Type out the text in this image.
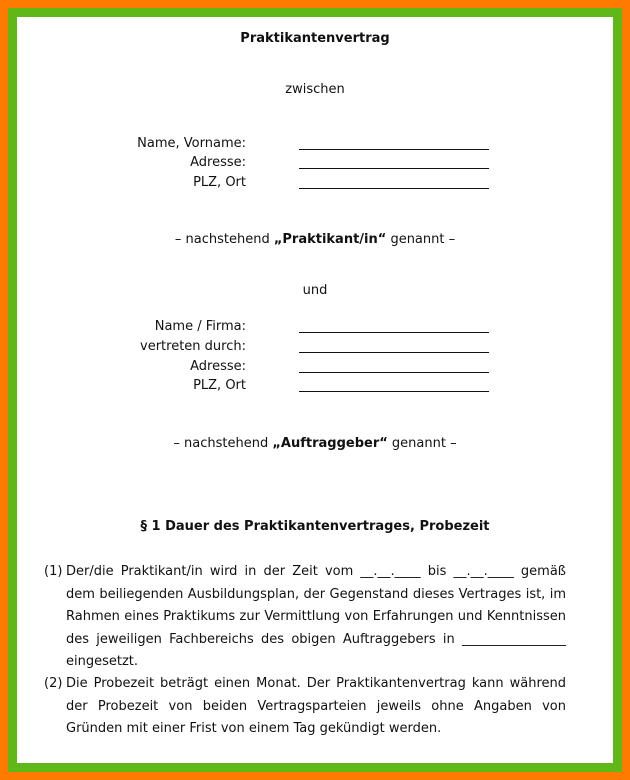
Praktikantenvertrag
zwischen
Name, Vorname:
Adresse:
PLZ, Ort
– nachstehend „Praktikant/in“ genannt –
und
Name / Firma:
vertreten durch:
Adresse:
PLZ, Ort
– nachstehend „Auftraggeber“ genannt –
§ 1 Dauer des Praktikantenvertrages, Probezeit
(1) Der/die Praktikant/in wird in der Zeit vom __.__.____ bis __.__.____ gemäß dem beiliegenden Ausbildungsplan, der Gegenstand dieses Vertrages ist, im Rahmen eines Praktikums zur Vermittlung von Erfahrungen und Kenntnissen des jeweiligen Fachbereichs des obigen Auftraggebers in ________________ eingesetzt.
(2) Die Probezeit beträgt einen Monat. Der Praktikantenvertrag kann während der Probezeit von beiden Vertragsparteien jeweils ohne Angaben von Gründen mit einer Frist von einem Tag gekündigt werden.
